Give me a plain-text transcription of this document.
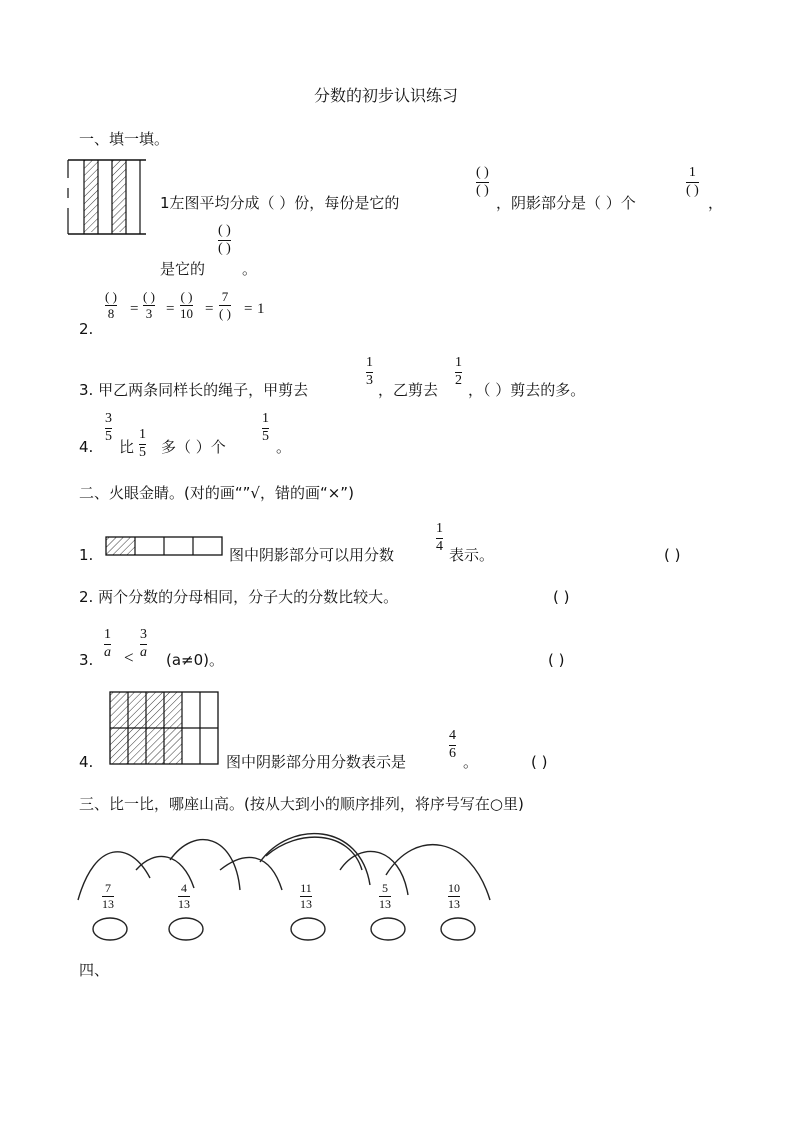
分数的初步认识练习
一、填一填。
1左图平均分成（ ）份，每份是它的
( )
( )
，阴影部分是（ ）个
1
( )
，
是它的
( )
( )
。
2.
( )
8 =
( )
3 =
( )
10 =
7
( ) = 1
3. 甲乙两条同样长的绳子，甲剪去
1
3
，乙剪去
1
2
，（ ）剪去的多。
4.
3
5
比
1
5 多（ ）个
1
5
。
二、火眼金睛。(对的画“”√，错的画“×”)
1.	图中阴影部分可以用分数
1
4 表示。	( )
2. 两个分数的分母相同，分子大的分数比较大。	( )
3.
1
a <
3
a (a≠0)。	( )
4.	图中阴影部分用分数表示是
4
6 。	( )
三、比一比，哪座山高。(按从大到小的顺序排列，将序号写在○里)
7
13
4
13
11
13
5
13
10
13
四、
